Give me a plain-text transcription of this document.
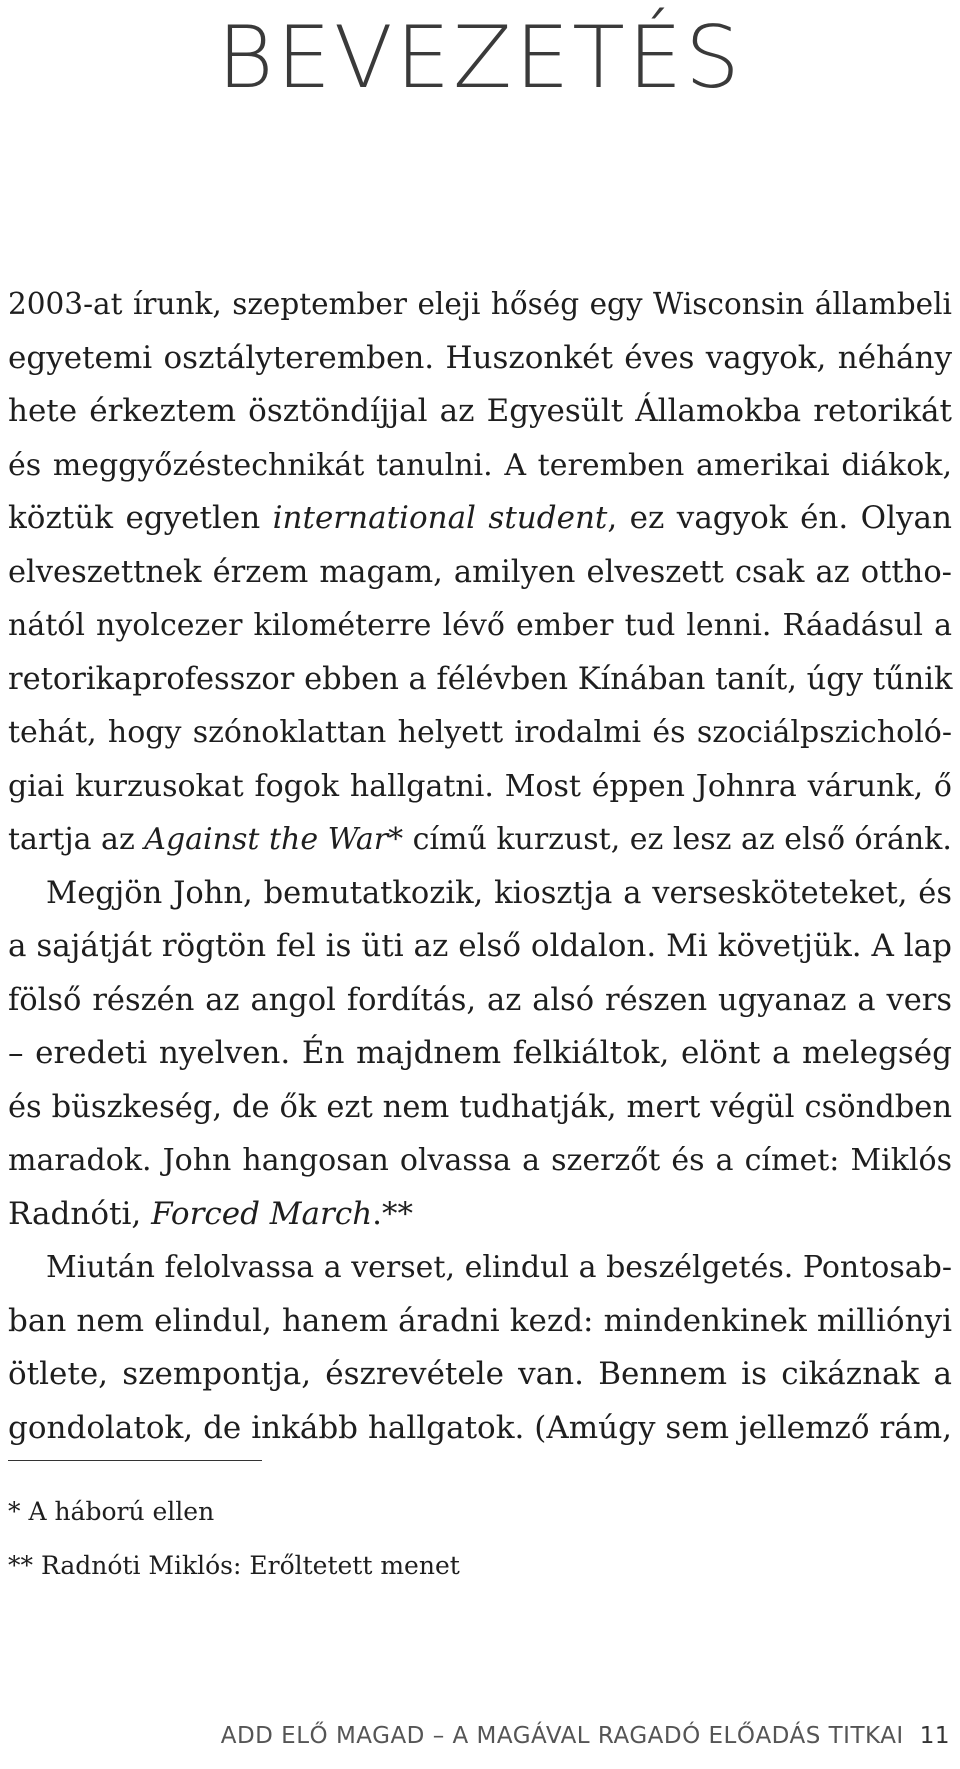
BEVEZETÉS
2003-at írunk, szeptember eleji hőség egy Wisconsin állambeli
egyetemi osztályteremben. Huszonkét éves vagyok, néhány
hete érkeztem ösztöndíjjal az Egyesült Államokba retorikát
és meggyőzéstechnikát tanulni. A teremben amerikai diákok,
köztük egyetlen international student, ez vagyok én. Olyan
elveszettnek érzem magam, amilyen elveszett csak az ottho-
nától nyolcezer kilométerre lévő ember tud lenni. Ráadásul a
retorikaprofesszor ebben a félévben Kínában tanít, úgy tűnik
tehát, hogy szónoklattan helyett irodalmi és szociálpszicholó-
giai kurzusokat fogok hallgatni. Most éppen Johnra várunk, ő
tartja az Against the War* című kurzust, ez lesz az első óránk.
Megjön John, bemutatkozik, kiosztja a versesköteteket, és
a sajátját rögtön fel is üti az első oldalon. Mi követjük. A lap
fölső részén az angol fordítás, az alsó részen ugyanaz a vers
– eredeti nyelven. Én majdnem felkiáltok, elönt a melegség
és büszkeség, de ők ezt nem tudhatják, mert végül csöndben
maradok. John hangosan olvassa a szerzőt és a címet: Miklós
Radnóti, Forced March.**
Miután felolvassa a verset, elindul a beszélgetés. Pontosab-
ban nem elindul, hanem áradni kezd: mindenkinek milliónyi
ötlete, szempontja, észrevétele van. Bennem is cikáznak a
gondolatok, de inkább hallgatok. (Amúgy sem jellemző rám,
* A háború ellen
** Radnóti Miklós: Erőltetett menet
ADD ELŐ MAGAD – A MAGÁVAL RAGADÓ ELŐADÁS TITKAI 11
